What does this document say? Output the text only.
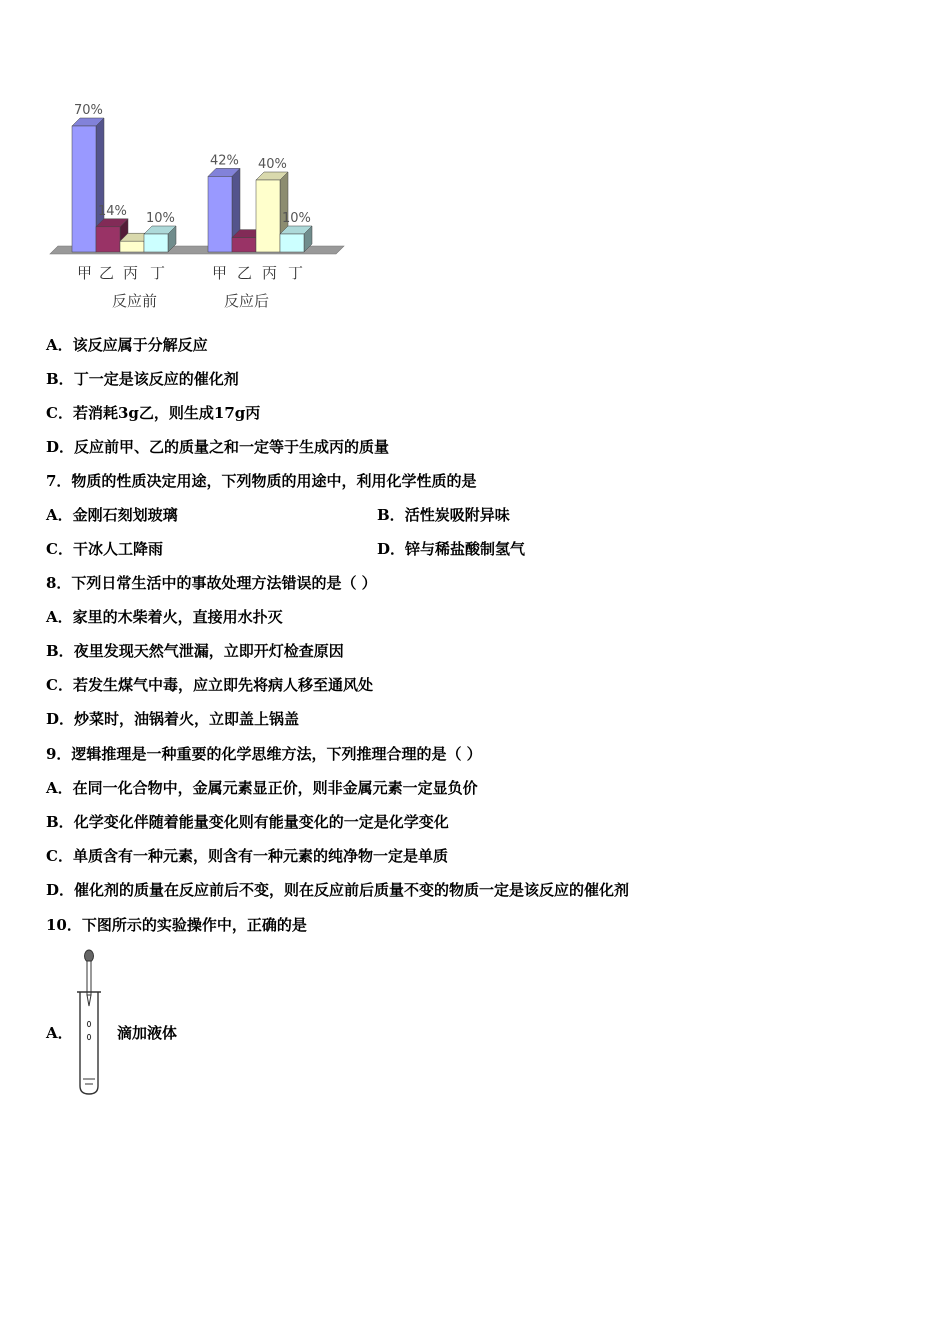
70%
14% 10%
42% 40%
10%
甲 乙 丙 丁
反应前
甲 乙 丙 丁
反应后
A．该反应属于分解反应
B．丁一定是该反应的催化剂
C．若消耗3g乙，则生成17g丙
D．反应前甲、乙的质量之和一定等于生成丙的质量
7．物质的性质决定用途，下列物质的用途中，利用化学性质的是
A．金刚石刻划玻璃	B．活性炭吸附异味
C．干冰人工降雨	D．锌与稀盐酸制氢气
8．下列日常生活中的事故处理方法错误的是（ ）
A．家里的木柴着火，直接用水扑灭
B．夜里发现天然气泄漏，立即开灯检查原因
C．若发生煤气中毒，应立即先将病人移至通风处
D．炒菜时，油锅着火，立即盖上锅盖
9．逻辑推理是一种重要的化学思维方法，下列推理合理的是（ ）
A．在同一化合物中，金属元素显正价，则非金属元素一定显负价
B．化学变化伴随着能量变化则有能量变化的一定是化学变化
C．单质含有一种元素，则含有一种元素的纯净物一定是单质
D．催化剂的质量在反应前后不变，则在反应前后质量不变的物质一定是该反应的催化剂
10．下图所示的实验操作中，正确的是
A．	滴加液体
